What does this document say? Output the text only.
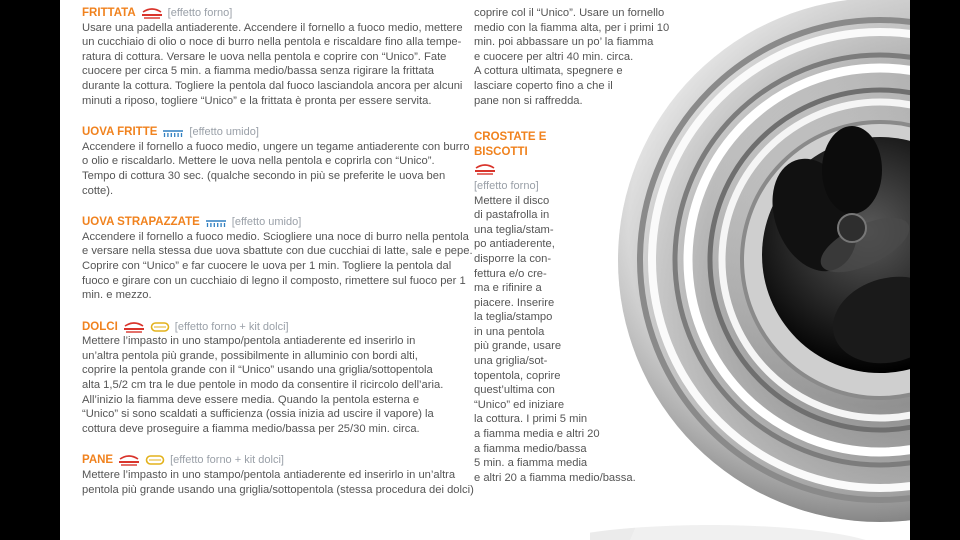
FRITTATA	[effetto forno]
Usare una padella antiaderente. Accendere il fornello a fuoco medio, mettere
un cucchiaio di olio o noce di burro nella pentola e riscaldare fino alla tempe-
ratura di cottura. Versare le uova nella pentola e coprire con “Unico”. Fate
cuocere per circa 5 min. a fiamma medio/bassa senza rigirare la frittata
durante la cottura. Togliere la pentola dal fuoco lasciandola ancora per alcuni
minuti a riposo, togliere “Unico” e la frittata è pronta per essere servita.
UOVA FRITTE	[effetto umido]
Accendere il fornello a fuoco medio, ungere un tegame antiaderente con burro
o olio e riscaldarlo. Mettere le uova nella pentola e coprirla con “Unico”.
Tempo di cottura 30 sec. (qualche secondo in più se preferite le uova ben
cotte).
UOVA STRAPAZZATE	[effetto umido]
Accendere il fornello a fuoco medio. Sciogliere una noce di burro nella pentola
e versare nella stessa due uova sbattute con due cucchiai di latte, sale e pepe.
Coprire con “Unico” e far cuocere le uova per 1 min. Togliere la pentola dal
fuoco e girare con un cucchiaio di legno il composto, rimettere sul fuoco per 1
min. e mezzo.
DOLCI	[effetto forno + kit dolci]
Mettere l’impasto in uno stampo/pentola antiaderente ed inserirlo in
un’altra pentola più grande, possibilmente in alluminio con bordi alti,
coprire la pentola grande con il “Unico” usando una griglia/sottopentola
alta 1,5/2 cm tra le due pentole in modo da consentire il ricircolo dell’aria.
All’inizio la fiamma deve essere media. Quando la pentola esterna e
“Unico” si sono scaldati a sufficienza (ossia inizia ad uscire il vapore) la
cottura deve proseguire a fiamma medio/bassa per 25/30 min. circa.
PANE	[effetto forno + kit dolci]
Mettere l’impasto in uno stampo/pentola antiaderente ed inserirlo in un’altra
pentola più grande usando una griglia/sottopentola (stessa procedura dei dolci)
coprire col il “Unico”. Usare un fornello
medio con la fiamma alta, per i primi 10
min. poi abbassare un po’ la fiamma
e cuocere per altri 40 min. circa.
A cottura ultimata, spegnere e
lasciare coperto fino a che il
pane non si raffredda.
CROSTATE E
BISCOTTI
[effetto forno]
Mettere il disco
di pastafrolla in
una teglia/stam-
po antiaderente,
disporre la con-
fettura e/o cre-
ma e rifinire a
piacere. Inserire
la teglia/stampo
in una pentola
più grande, usare
una griglia/sot-
topentola, coprire
quest’ultima con
“Unico” ed iniziare
la cottura. I primi 5 min
a fiamma media e altri 20
a fiamma medio/bassa
5 min. a fiamma media
e altri 20 a fiamma medio/bassa.
